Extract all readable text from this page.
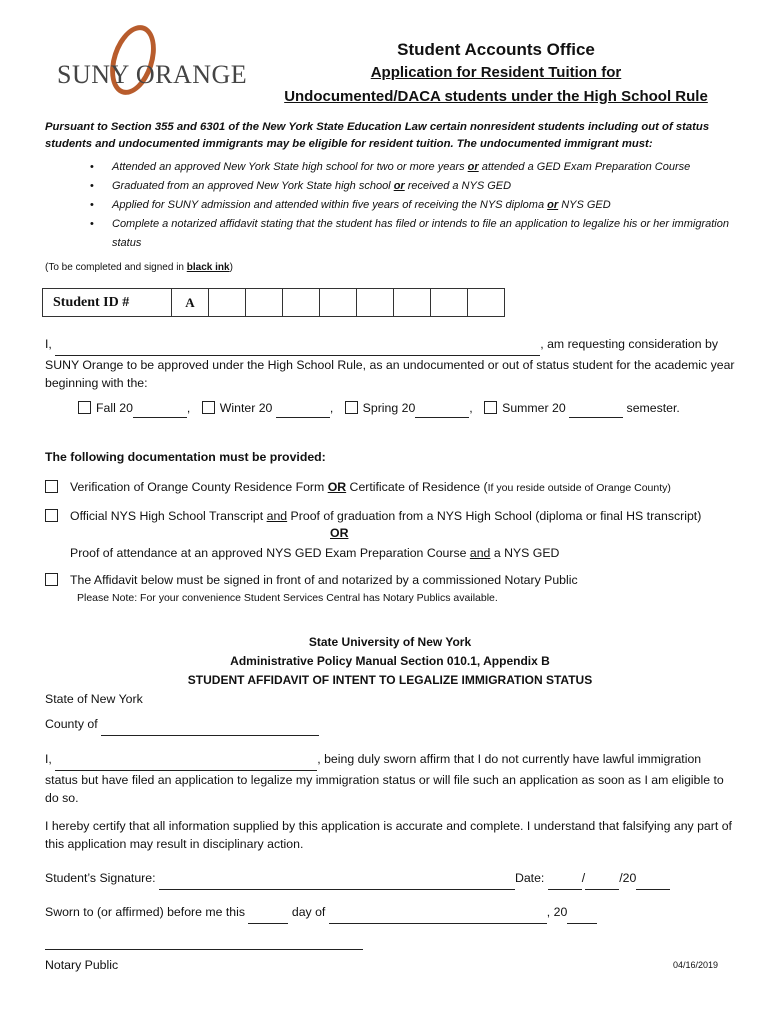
SUNY ORANGE
Student Accounts Office
Application for Resident Tuition for
Undocumented/DACA students under the High School Rule
Pursuant to Section 355 and 6301 of the New York State Education Law certain nonresident students including out of status students and undocumented immigrants may be eligible for resident tuition. The undocumented immigrant must:
• Attended an approved New York State high school for two or more years or attended a GED Exam Preparation Course
• Graduated from an approved New York State high school or received a NYS GED
• Applied for SUNY admission and attended within five years of receiving the NYS diploma or NYS GED
• Complete a notarized affidavit stating that the student has filed or intends to file an application to legalize his or her immigration status
(To be completed and signed in black ink)
Student ID #	A								
I,	, am requesting consideration by SUNY Orange to be approved under the High School Rule, as an undocumented or out of status student for the academic year beginning with the:
Fall 20	, Winter 20	, Spring 20	, Summer 20	semester.
The following documentation must be provided:
Verification of Orange County Residence Form OR Certificate of Residence (If you reside outside of Orange County)
Official NYS High School Transcript and Proof of graduation from a NYS High School (diploma or final HS transcript)
OR
Proof of attendance at an approved NYS GED Exam Preparation Course and a NYS GED
The Affidavit below must be signed in front of and notarized by a commissioned Notary Public
Please Note: For your convenience Student Services Central has Notary Publics available.
State University of New York
Administrative Policy Manual Section 010.1, Appendix B
STUDENT AFFIDAVIT OF INTENT TO LEGALIZE IMMIGRATION STATUS
State of New York
County of
I,	, being duly sworn affirm that I do not currently have lawful immigration status but have filed an application to legalize my immigration status or will file such an application as soon as I am eligible to do so.
I hereby certify that all information supplied by this application is accurate and complete. I understand that falsifying any part of this application may result in disciplinary action.
Student’s Signature:	Date:	/	/20
Sworn to (or affirmed) before me this	day of	, 20
Notary Public	04/16/2019
